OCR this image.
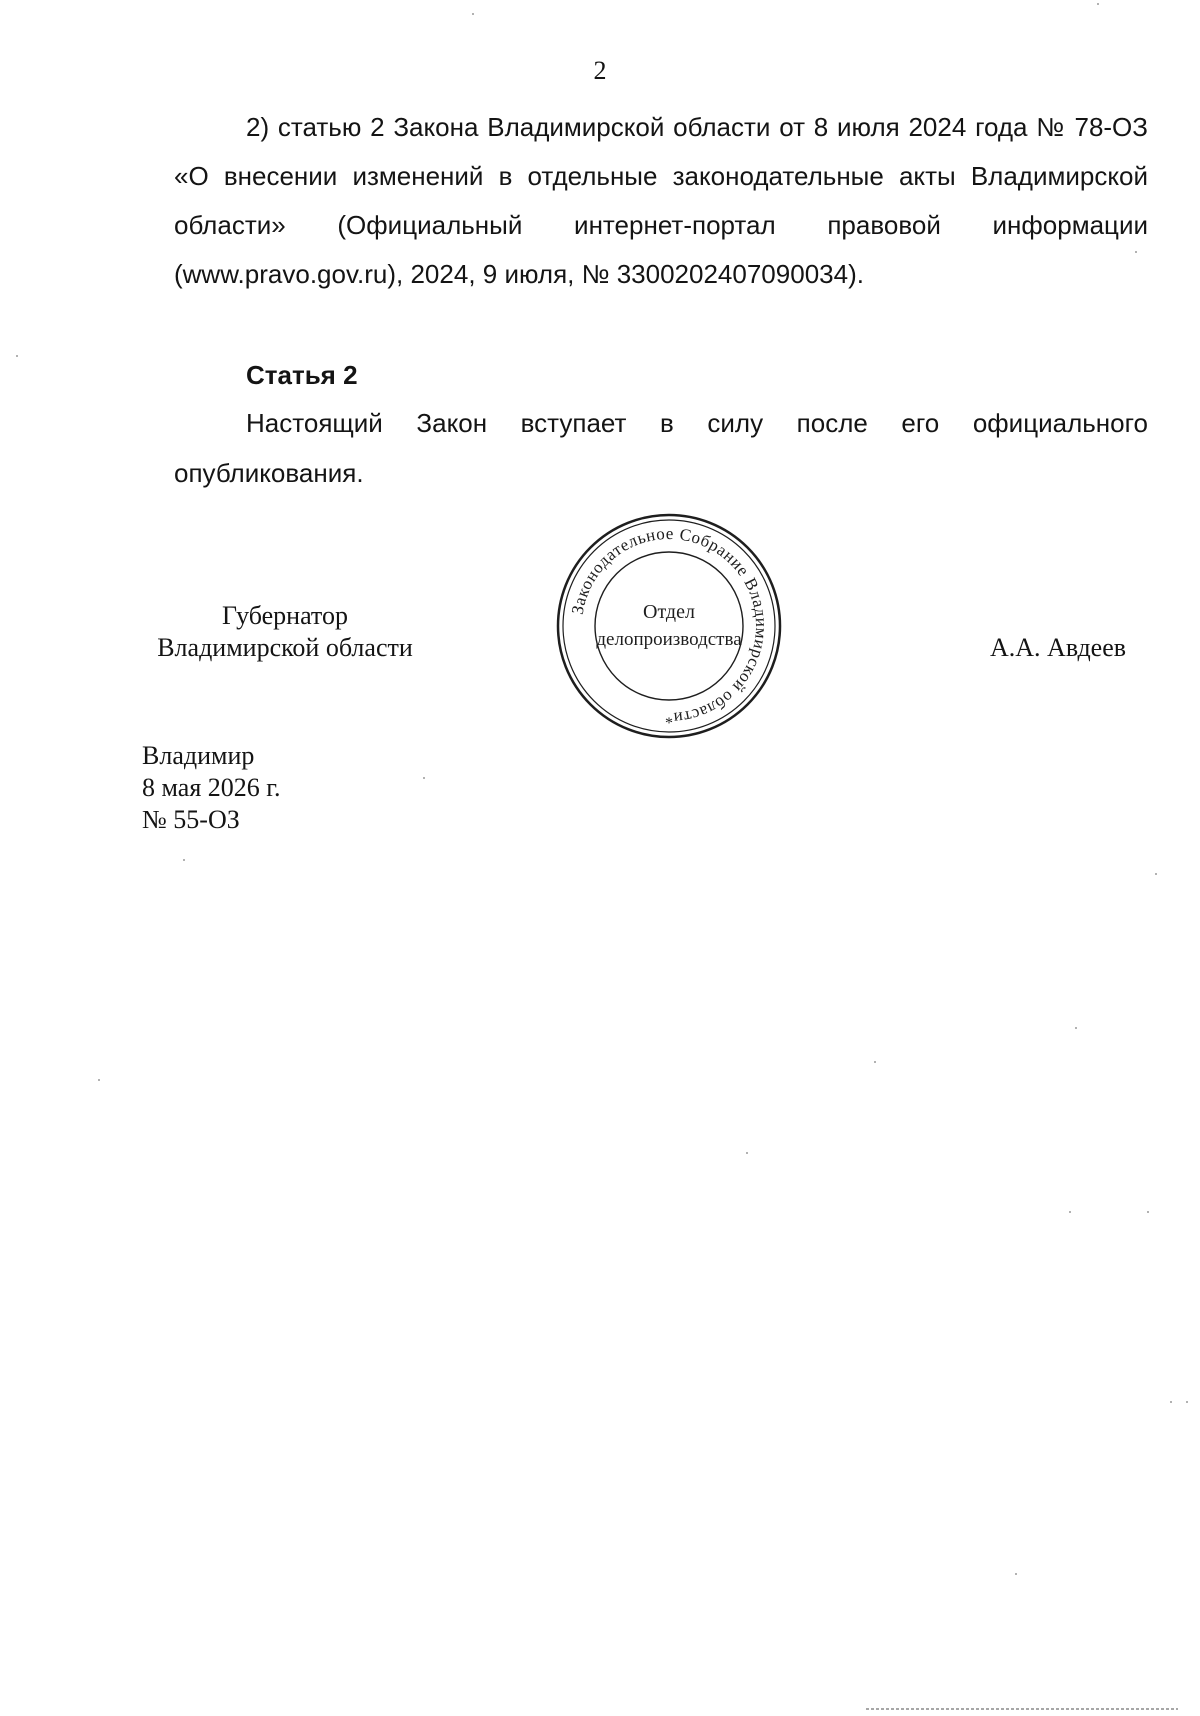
2
2) статью 2 Закона Владимирской области от 8 июля 2024 года № 78-ОЗ
«О внесении изменений в отдельные законодательные акты Владимирской
области» (Официальный интернет-портал правовой информации
(www.pravo.gov.ru), 2024, 9 июля, № 3300202407090034).
Статья 2
Настоящий Закон вступает в силу после его официального
опубликования.
Губернатор
Владимирской области	А.А. Авдеев
Законодательное Собрание Владимирской области
Отдел
делопроизводства
*
Владимир
8 мая 2026 г.
№ 55-ОЗ
